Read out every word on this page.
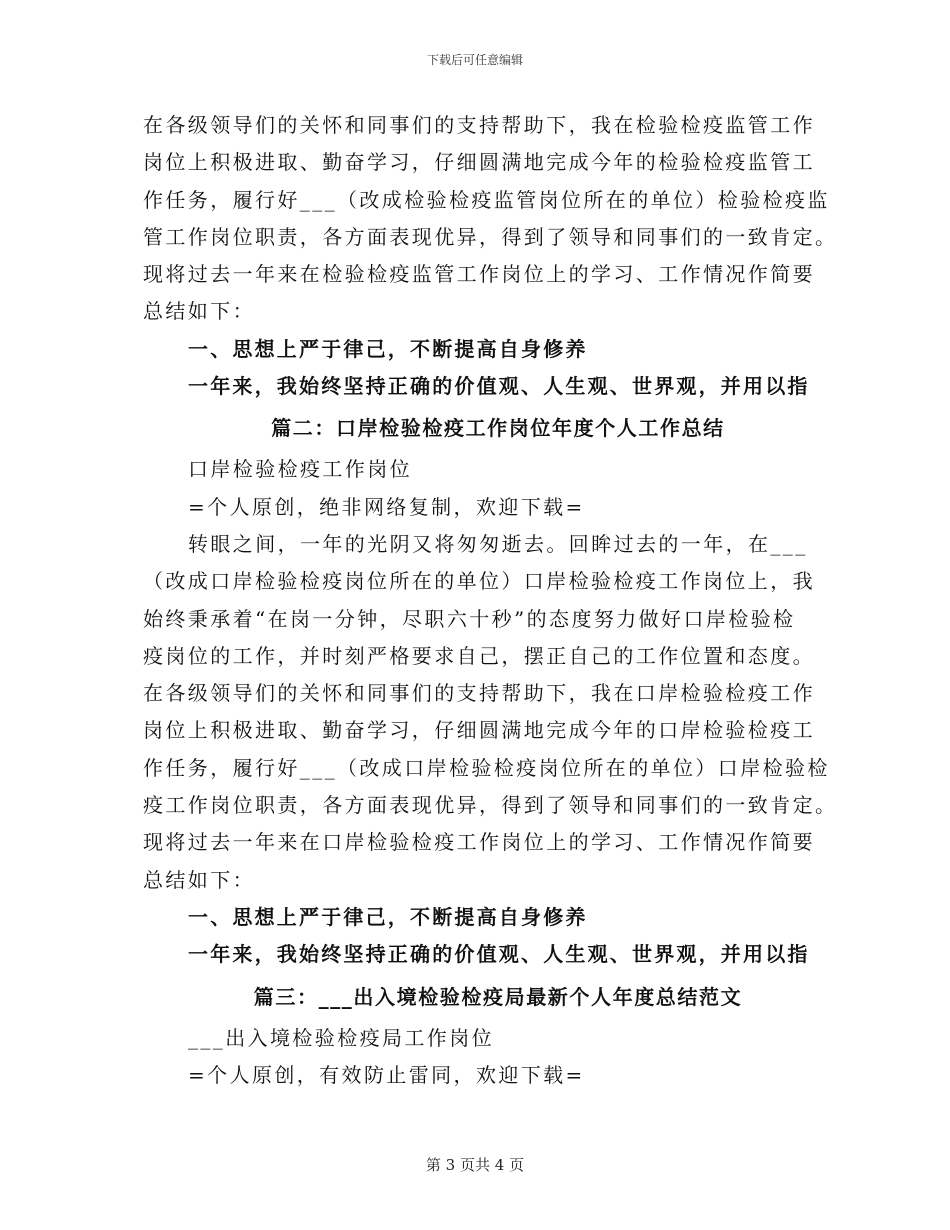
下载后可任意编辑
在各级领导们的关怀和同事们的支持帮助下，我在检验检疫监管工作
岗位上积极进取、勤奋学习，仔细圆满地完成今年的检验检疫监管工
作任务，履行好___（改成检验检疫监管岗位所在的单位）检验检疫监
管工作岗位职责，各方面表现优异，得到了领导和同事们的一致肯定。
现将过去一年来在检验检疫监管工作岗位上的学习、工作情况作简要
总结如下：
一、思想上严于律己，不断提高自身修养
一年来，我始终坚持正确的价值观、人生观、世界观，并用以指
篇二：口岸检验检疫工作岗位年度个人工作总结
口岸检验检疫工作岗位
=个人原创，绝非网络复制，欢迎下载=
转眼之间，一年的光阴又将匆匆逝去。回眸过去的一年，在___
（改成口岸检验检疫岗位所在的单位）口岸检验检疫工作岗位上，我
始终秉承着“在岗一分钟，尽职六十秒”的态度努力做好口岸检验检
疫岗位的工作，并时刻严格要求自己，摆正自己的工作位置和态度。
在各级领导们的关怀和同事们的支持帮助下，我在口岸检验检疫工作
岗位上积极进取、勤奋学习，仔细圆满地完成今年的口岸检验检疫工
作任务，履行好___（改成口岸检验检疫岗位所在的单位）口岸检验检
疫工作岗位职责，各方面表现优异，得到了领导和同事们的一致肯定。
现将过去一年来在口岸检验检疫工作岗位上的学习、工作情况作简要
总结如下：
一、思想上严于律己，不断提高自身修养
一年来，我始终坚持正确的价值观、人生观、世界观，并用以指
篇三：___出入境检验检疫局最新个人年度总结范文
___出入境检验检疫局工作岗位
=个人原创，有效防止雷同，欢迎下载=
第 3 页共 4 页
